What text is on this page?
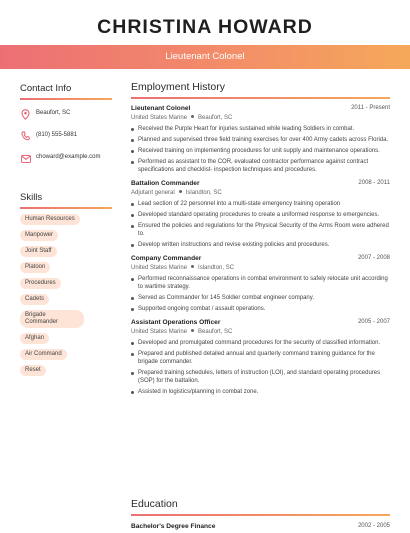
CHRISTINA HOWARD
Lieutenant Colonel
Contact Info
Beaufort, SC
(810) 555-5881
choward@example.com
Skills
Human Resources
Manpower
Joint Staff
Platoon
Procedures
Cadets
Brigade Commander
Afghan
Air Command
Reset
Employment History
Lieutenant Colonel	2011 - Present
United States Marine Beaufort, SC
Received the Purple Heart for injuries sustained while leading Soldiers in combat.
Planned and supervised three field training exercises for over 400 Army cadets across Florida.
Received training on implementing procedures for unit supply and maintenance operations.
Performed as assistant to the COR, evaluated contractor performance against contract specifications and checklist- inspection techniques and procedures.
Battalion Commander	2008 - 2011
Adjutant general Islandton, SC
Lead section of 22 personnel into a multi-state emergency training operation
Developed standard operating procedures to create a uniformed response to emergencies.
Ensured the policies and regulations for the Physical Security of the Arms Room were adhered to.
Develop written instructions and revise existing policies and procedures.
Company Commander	2007 - 2008
United States Marine Islandton, SC
Performed reconnaissance operations in combat environment to safely relocate unit according to wartime strategy.
Served as Commander for 145 Soldier combat engineer company.
Supported ongoing combat / assault operations.
Assistant Operations Officer	2005 - 2007
United States Marine Beaufort, SC
Developed and promulgated command procedures for the security of classified information.
Prepared and published detailed annual and quarterly command training guidance for the brigade commander.
Prepared training schedules, letters of instruction (LOI), and standard operating procedures (SOP) for the battalion.
Assisted in logistics/planning in combat zone.
Education
Bachelor's Degree Finance	2002 - 2005
